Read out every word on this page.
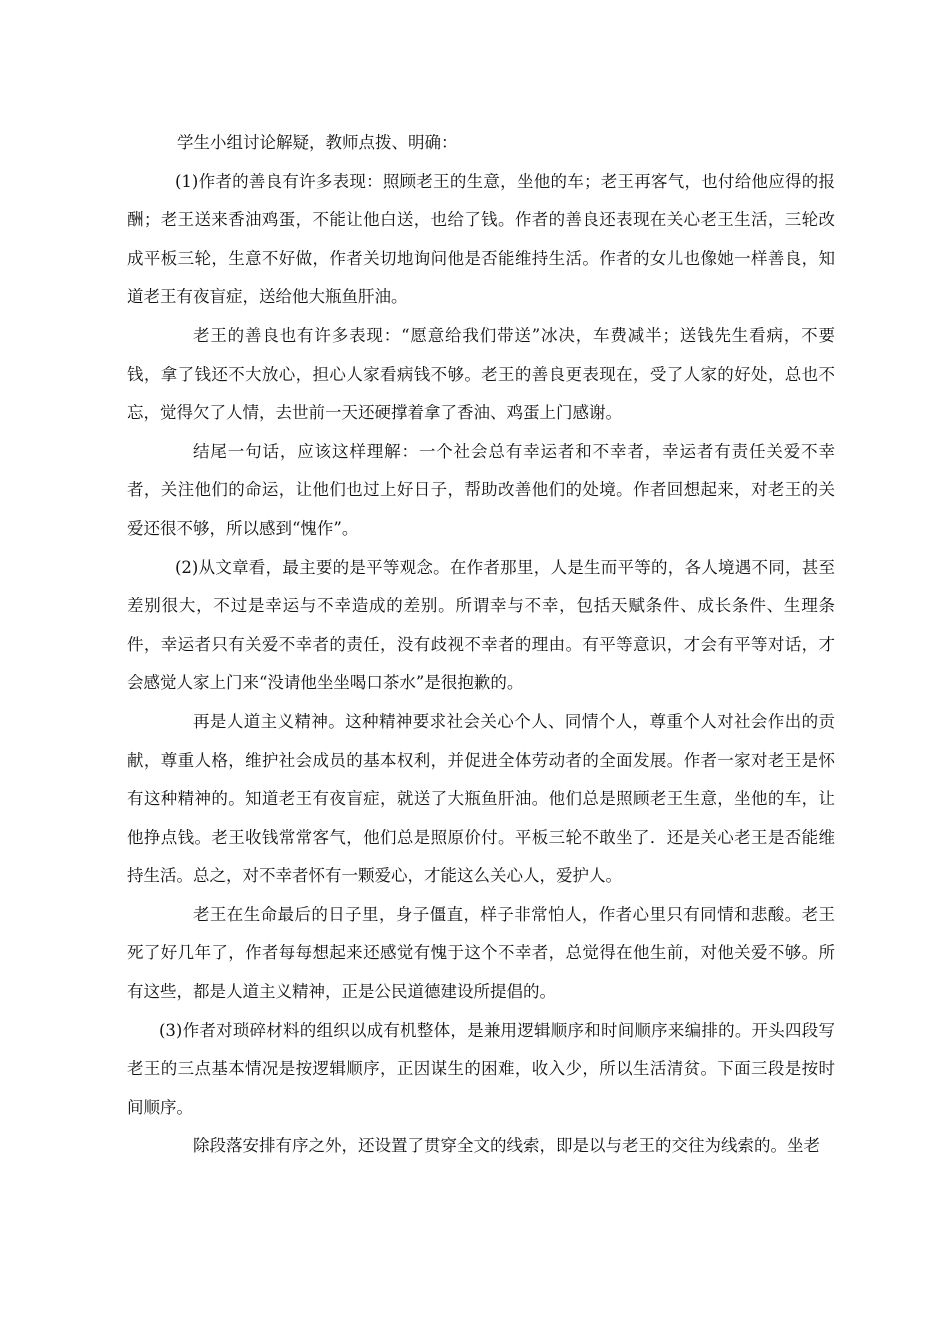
学生小组讨论解疑，教师点拨、明确：

(1)作者的善良有许多表现：照顾老王的生意，坐他的车；老王再客气，也付给他应得的报酬；老王送来香油鸡蛋，不能让他白送，也给了钱。作者的善良还表现在关心老王生活，三轮改成平板三轮，生意不好做，作者关切地询问他是否能维持生活。作者的女儿也像她一样善良，知道老王有夜盲症，送给他大瓶鱼肝油。

老王的善良也有许多表现：“愿意给我们带送”冰决，车费减半；送钱先生看病，不要钱，拿了钱还不大放心，担心人家看病钱不够。老王的善良更表现在，受了人家的好处，总也不忘，觉得欠了人情，去世前一天还硬撑着拿了香油、鸡蛋上门感谢。

结尾一句话，应该这样理解：一个社会总有幸运者和不幸者，幸运者有责任关爱不幸者，关注他们的命运，让他们也过上好日子，帮助改善他们的处境。作者回想起来，对老王的关爱还很不够，所以感到“愧作”。

(2)从文章看，最主要的是平等观念。在作者那里，人是生而平等的，各人境遇不同，甚至差别很大，不过是幸运与不幸造成的差别。所谓幸与不幸，包括天赋条件、成长条件、生理条件，幸运者只有关爱不幸者的责任，没有歧视不幸者的理由。有平等意识，才会有平等对话，才会感觉人家上门来“没请他坐坐喝口茶水”是很抱歉的。

再是人道主义精神。这种精神要求社会关心个人、同情个人，尊重个人对社会作出的贡献，尊重人格，维护社会成员的基本权利，并促进全体劳动者的全面发展。作者一家对老王是怀有这种精神的。知道老王有夜盲症，就送了大瓶鱼肝油。他们总是照顾老王生意，坐他的车，让他挣点钱。老王收钱常常客气，他们总是照原价付。平板三轮不敢坐了．还是关心老王是否能维持生活。总之，对不幸者怀有一颗爱心，才能这么关心人，爱护人。

老王在生命最后的日子里，身子僵直，样子非常怕人，作者心里只有同情和悲酸。老王死了好几年了，作者每每想起来还感觉有愧于这个不幸者，总觉得在他生前，对他关爱不够。所有这些，都是人道主义精神，正是公民道德建设所提倡的。

(3)作者对琐碎材料的组织以成有机整体，是兼用逻辑顺序和时间顺序来编排的。开头四段写老王的三点基本情况是按逻辑顺序，正因谋生的困难，收入少，所以生活清贫。下面三段是按时间顺序。

除段落安排有序之外，还设置了贯穿全文的线索，即是以与老王的交往为线索的。坐老
